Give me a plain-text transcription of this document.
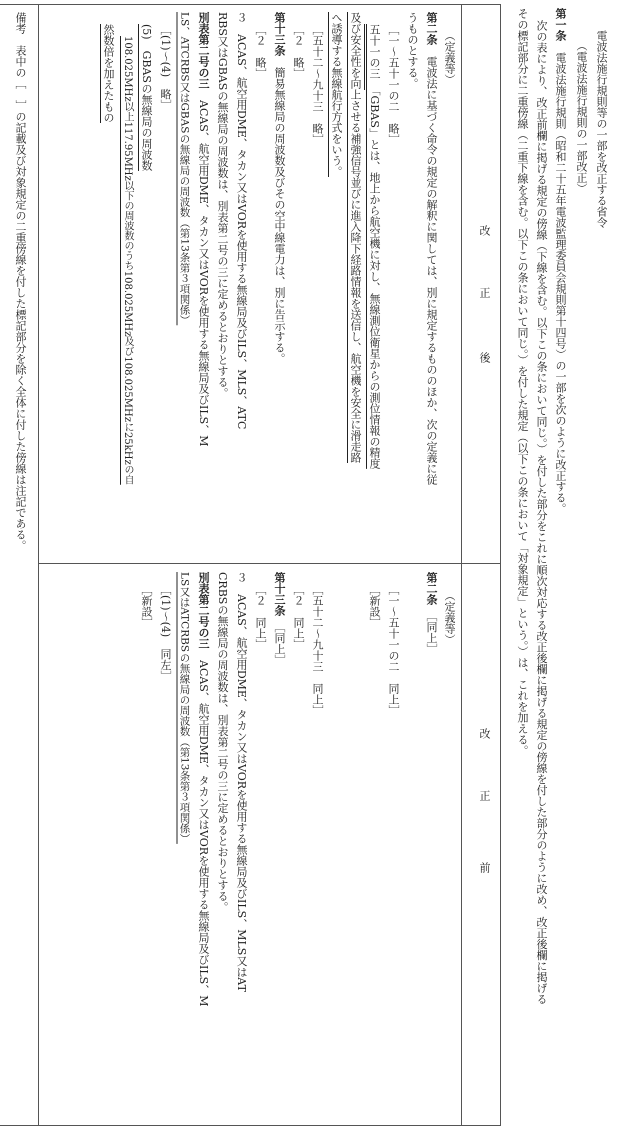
電波法施行規則等の一部を改正する省令
（電波法施行規則の一部改正）
第一条　電波法施行規則（昭和二十五年電波監理委員会規則第十四号）の一部を次のように改正する。
次の表により、改正前欄に掲げる規定の傍線（下線を含む。以下この条において同じ。）を付した部分をこれに順次対応する改正後欄に掲げる規定の傍線を付した部分のように改め、改正後欄に掲げる
その標記部分に二重傍線（二重下線を含む。以下この条において同じ。）を付した規定（以下この条において「対象規定」という。）は、これを加える。
改
正
後
改
正
前
（定義等）
第二条　電波法に基づく命令の規定の解釈に関しては、別に規定するもののほか、次の定義に従
うものとする。
［一〜五十一の二　略］
五十一の三　「GBAS」とは、地上から航空機に対し、無線測位衛星からの測位情報の精度
及び安全性を向上させる補強信号並びに進入降下経路情報を送信し、航空機を安全に滑走路
へ誘導する無線航行方式をいう。
［五十二〜九十三　略］
［２　略］
第十三条　簡易無線局の周波数及びその空中線電力は、別に告示する。
［２　略］
３　ACAS、航空用DME、タカン又はVORを使用する無線局及びILS、MLS、ATC
RBS又はGBASの無線局の周波数は、別表第二号の三に定めるとおりとする。
別表第二号の三　ACAS、航空用DME、タカン又はVORを使用する無線局及びILS、M
LS、ATCRBS又はGBASの無線局の周波数（第13条第３項関係）
［(1)〜(4)　略］
(5)　GBASの無線局の周波数
108.025MHz以上117.95MHz以下の周波数のうち108.025MHz及び108.025MHzに25kHzの自
然数倍を加えたもの
（定義等）
第二条　［同上］
［一〜五十一の二　同上］
［新設］
［五十二〜九十三　同上］
［２　同上］
第十三条　［同上］
［２　同上］
３　ACAS、航空用DME、タカン又はVORを使用する無線局及びILS、MLS又はAT
CRBSの無線局の周波数は、別表第二号の三に定めるとおりとする。
別表第二号の三　ACAS、航空用DME、タカン又はVORを使用する無線局及びILS、M
LS又はATCRBSの無線局の周波数（第13条第３項関係）
［(1)〜(4)　同左］
［新設］
備考　表中の［　］の記載及び対象規定の二重傍線を付した標記部分を除く全体に付した傍線は注記である。
